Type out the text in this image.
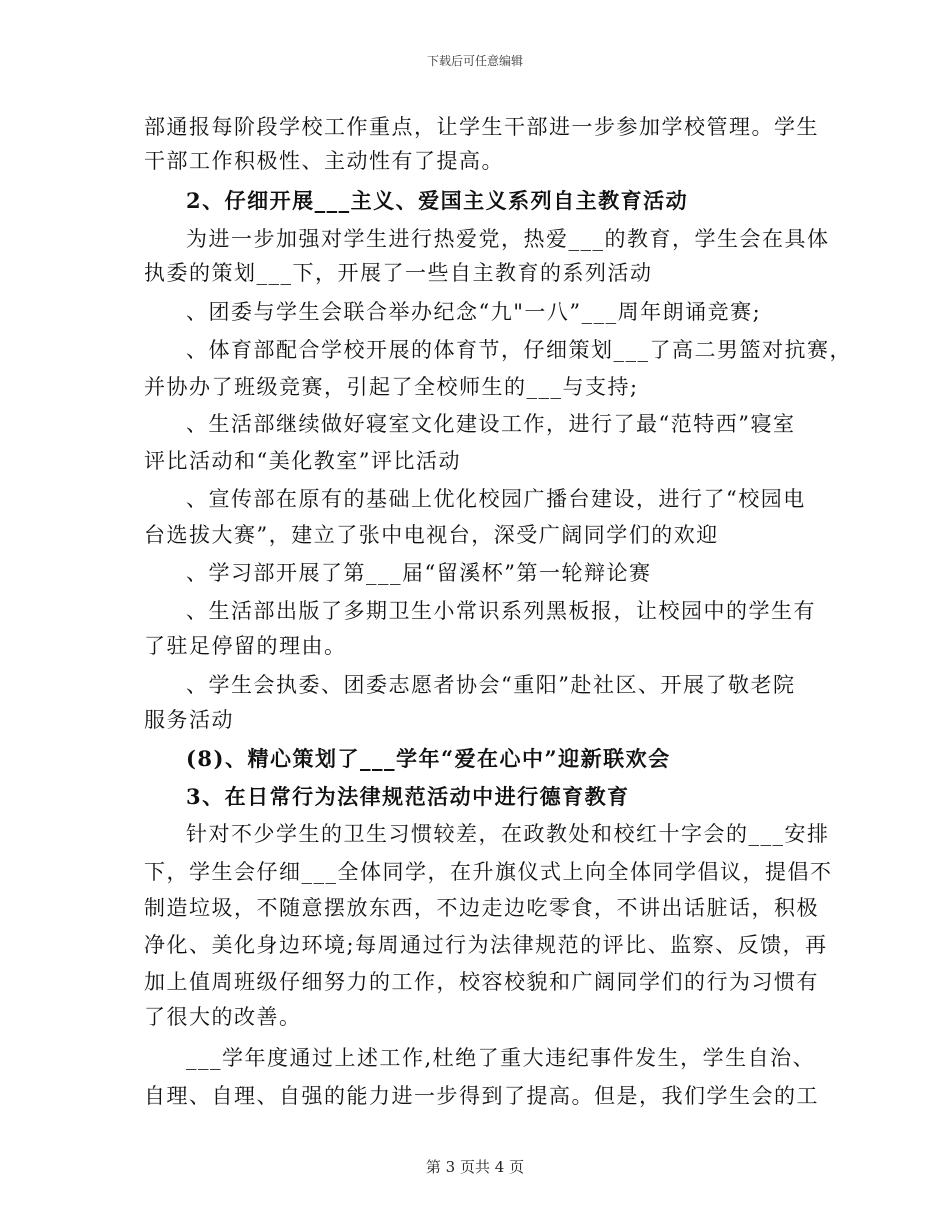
下载后可任意编辑
部通报每阶段学校工作重点，让学生干部进一步参加学校管理。学生
干部工作积极性、主动性有了提高。
2、仔细开展___主义、爱国主义系列自主教育活动
为进一步加强对学生进行热爱党，热爱___的教育，学生会在具体
执委的策划___下，开展了一些自主教育的系列活动
、团委与学生会联合举办纪念“九"一八”___周年朗诵竞赛;
、体育部配合学校开展的体育节，仔细策划___了高二男篮对抗赛，
并协办了班级竞赛，引起了全校师生的___与支持;
、生活部继续做好寝室文化建设工作，进行了最“范特西”寝室
评比活动和“美化教室”评比活动
、宣传部在原有的基础上优化校园广播台建设，进行了“校园电
台选拔大赛”，建立了张中电视台，深受广阔同学们的欢迎
、学习部开展了第___届“留溪杯”第一轮辩论赛
、生活部出版了多期卫生小常识系列黑板报，让校园中的学生有
了驻足停留的理由。
、学生会执委、团委志愿者协会“重阳”赴社区、开展了敬老院
服务活动
(8)、精心策划了___学年“爱在心中”迎新联欢会
3、在日常行为法律规范活动中进行德育教育
针对不少学生的卫生习惯较差，在政教处和校红十字会的___安排
下，学生会仔细___全体同学，在升旗仪式上向全体同学倡议，提倡不
制造垃圾，不随意摆放东西，不边走边吃零食，不讲出话脏话，积极
净化、美化身边环境;每周通过行为法律规范的评比、监察、反馈，再
加上值周班级仔细努力的工作，校容校貌和广阔同学们的行为习惯有
了很大的改善。
___学年度通过上述工作,杜绝了重大违纪事件发生，学生自治、
自理、自理、自强的能力进一步得到了提高。但是，我们学生会的工
第 3 页共 4 页
